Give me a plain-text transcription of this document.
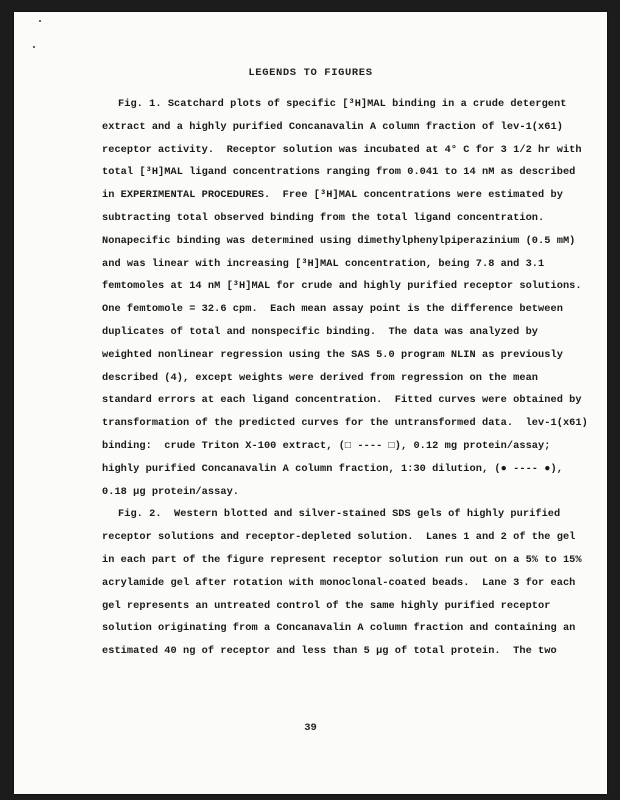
LEGENDS TO FIGURES
Fig. 1. Scatchard plots of specific [³H]MAL binding in a crude detergent
extract and a highly purified Concanavalin A column fraction of lev-1(x61)
receptor activity.  Receptor solution was incubated at 4° C for 3 1/2 hr with
total [³H]MAL ligand concentrations ranging from 0.041 to 14 nM as described
in EXPERIMENTAL PROCEDURES.  Free [³H]MAL concentrations were estimated by
subtracting total observed binding from the total ligand concentration.
Nonapecific binding was determined using dimethylphenylpiperazinium (0.5 mM)
and was linear with increasing [³H]MAL concentration, being 7.8 and 3.1
femtomoles at 14 nM [³H]MAL for crude and highly purified receptor solutions.
One femtomole = 32.6 cpm.  Each mean assay point is the difference between
duplicates of total and nonspecific binding.  The data was analyzed by
weighted nonlinear regression using the SAS 5.0 program NLIN as previously
described (4), except weights were derived from regression on the mean
standard errors at each ligand concentration.  Fitted curves were obtained by
transformation of the predicted curves for the untransformed data.  lev-1(x61)
binding:  crude Triton X-100 extract, (□ ---- □), 0.12 mg protein/assay;
highly purified Concanavalin A column fraction, 1:30 dilution, (● ---- ●),
0.18 µg protein/assay.
Fig. 2.  Western blotted and silver-stained SDS gels of highly purified
receptor solutions and receptor-depleted solution.  Lanes 1 and 2 of the gel
in each part of the figure represent receptor solution run out on a 5% to 15%
acrylamide gel after rotation with monoclonal-coated beads.  Lane 3 for each
gel represents an untreated control of the same highly purified receptor
solution originating from a Concanavalin A column fraction and containing an
estimated 40 ng of receptor and less than 5 µg of total protein.  The two
39
